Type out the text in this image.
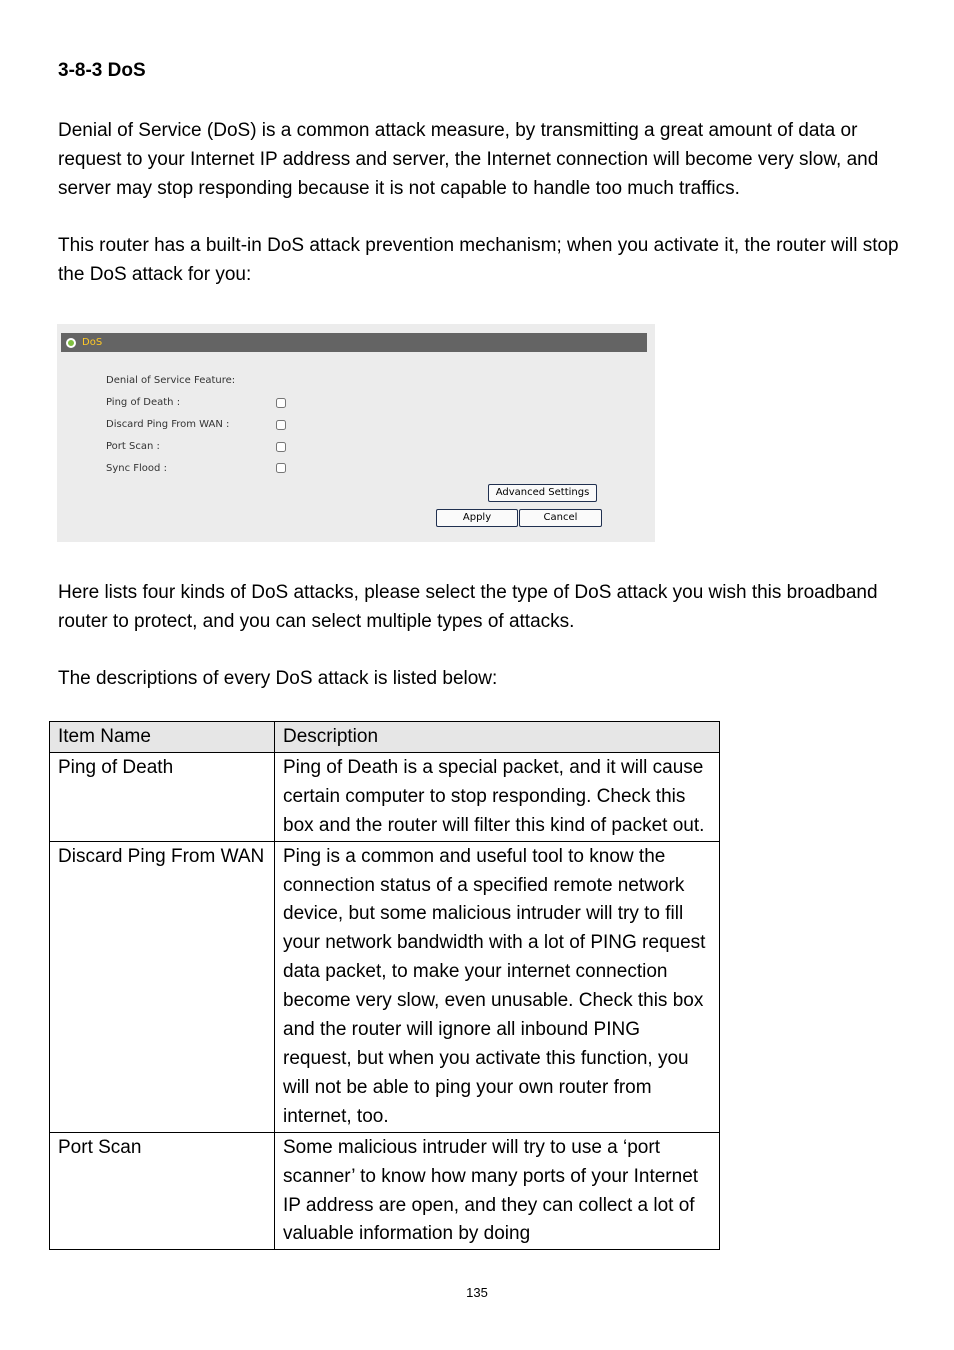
3-8-3 DoS

Denial of Service (DoS) is a common attack measure, by transmitting a great amount of data or request to your Internet IP address and server, the Internet connection will become very slow, and server may stop responding because it is not capable to handle too much traffics.

This router has a built-in DoS attack prevention mechanism; when you activate it, the router will stop the DoS attack for you:

DoS
Denial of Service Feature:
Ping of Death :
Discard Ping From WAN :
Port Scan :
Sync Flood :
Advanced Settings
Apply	Cancel

Here lists four kinds of DoS attacks, please select the type of DoS attack you wish this broadband router to protect, and you can select multiple types of attacks.

The descriptions of every DoS attack is listed below:

Item Name	Description
Ping of Death	Ping of Death is a special packet, and it will cause certain computer to stop responding. Check this box and the router will filter this kind of packet out.
Discard Ping From WAN	Ping is a common and useful tool to know the connection status of a specified remote network device, but some malicious intruder will try to fill your network bandwidth with a lot of PING request data packet, to make your internet connection become very slow, even unusable. Check this box and the router will ignore all inbound PING request, but when you activate this function, you will not be able to ping your own router from internet, too.
Port Scan	Some malicious intruder will try to use a ‘port scanner’ to know how many ports of your Internet IP address are open, and they can collect a lot of valuable information by doing
135
